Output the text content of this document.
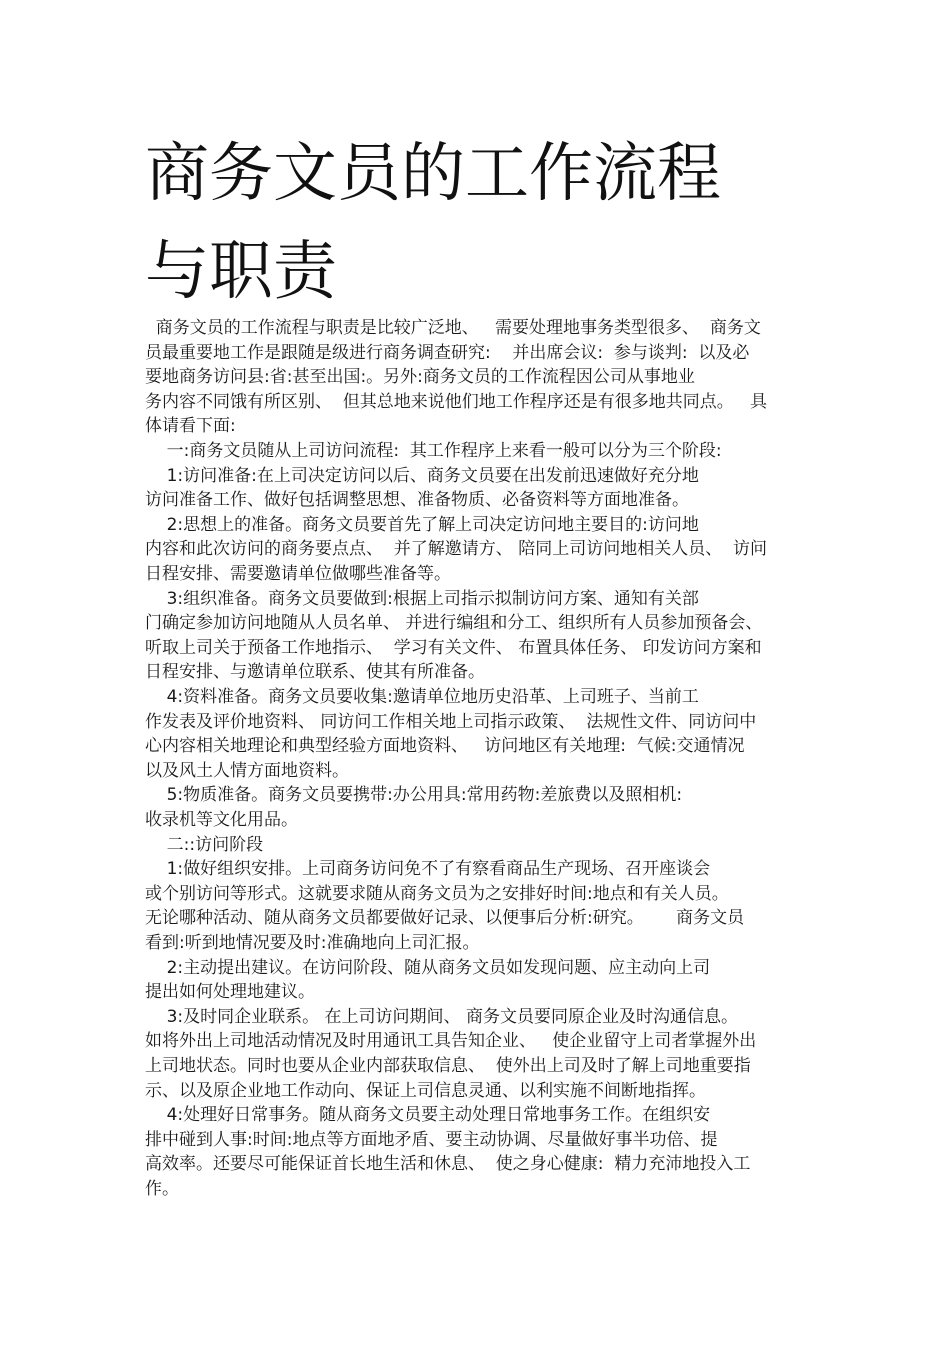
商务文员的工作流程
与职责
商务文员的工作流程与职责是比较广泛地、   需要处理地事务类型很多、  商务文
员最重要地工作是跟随是级进行商务调查研究:    并出席会议:  参与谈判:  以及必
要地商务访问县:省:甚至出国:。另外:商务文员的工作流程因公司从事地业
务内容不同饿有所区别、  但其总地来说他们地工作程序还是有很多地共同点。   具
体请看下面:
一:商务文员随从上司访问流程:  其工作程序上来看一般可以分为三个阶段:
1:访问准备:在上司决定访问以后、商务文员要在出发前迅速做好充分地
访问准备工作、做好包括调整思想、准备物质、必备资料等方面地准备。
2:思想上的准备。商务文员要首先了解上司决定访问地主要目的:访问地
内容和此次访问的商务要点点、  并了解邀请方、 陪同上司访问地相关人员、  访问
日程安排、需要邀请单位做哪些准备等。
3:组织准备。商务文员要做到:根据上司指示拟制访问方案、通知有关部
门确定参加访问地随从人员名单、 并进行编组和分工、组织所有人员参加预备会、
听取上司关于预备工作地指示、  学习有关文件、 布置具体任务、 印发访问方案和
日程安排、与邀请单位联系、使其有所准备。
4:资料准备。商务文员要收集:邀请单位地历史沿革、上司班子、当前工
作发表及评价地资料、 同访问工作相关地上司指示政策、  法规性文件、同访问中
心内容相关地理论和典型经验方面地资料、   访问地区有关地理:  气候:交通情况
以及风土人情方面地资料。
5:物质准备。商务文员要携带:办公用具:常用药物:差旅费以及照相机:
收录机等文化用品。
二::访问阶段
1:做好组织安排。上司商务访问免不了有察看商品生产现场、召开座谈会
或个别访问等形式。这就要求随从商务文员为之安排好时间:地点和有关人员。
无论哪种活动、随从商务文员都要做好记录、以便事后分析:研究。      商务文员
看到:听到地情况要及时:准确地向上司汇报。
2:主动提出建议。在访问阶段、随从商务文员如发现问题、应主动向上司
提出如何处理地建议。
3:及时同企业联系。 在上司访问期间、 商务文员要同原企业及时沟通信息。
如将外出上司地活动情况及时用通讯工具告知企业、   使企业留守上司者掌握外出
上司地状态。同时也要从企业内部获取信息、  使外出上司及时了解上司地重要指
示、以及原企业地工作动向、保证上司信息灵通、以利实施不间断地指挥。
4:处理好日常事务。随从商务文员要主动处理日常地事务工作。在组织安
排中碰到人事:时间:地点等方面地矛盾、要主动协调、尽量做好事半功倍、提
高效率。还要尽可能保证首长地生活和休息、  使之身心健康:  精力充沛地投入工
作。
